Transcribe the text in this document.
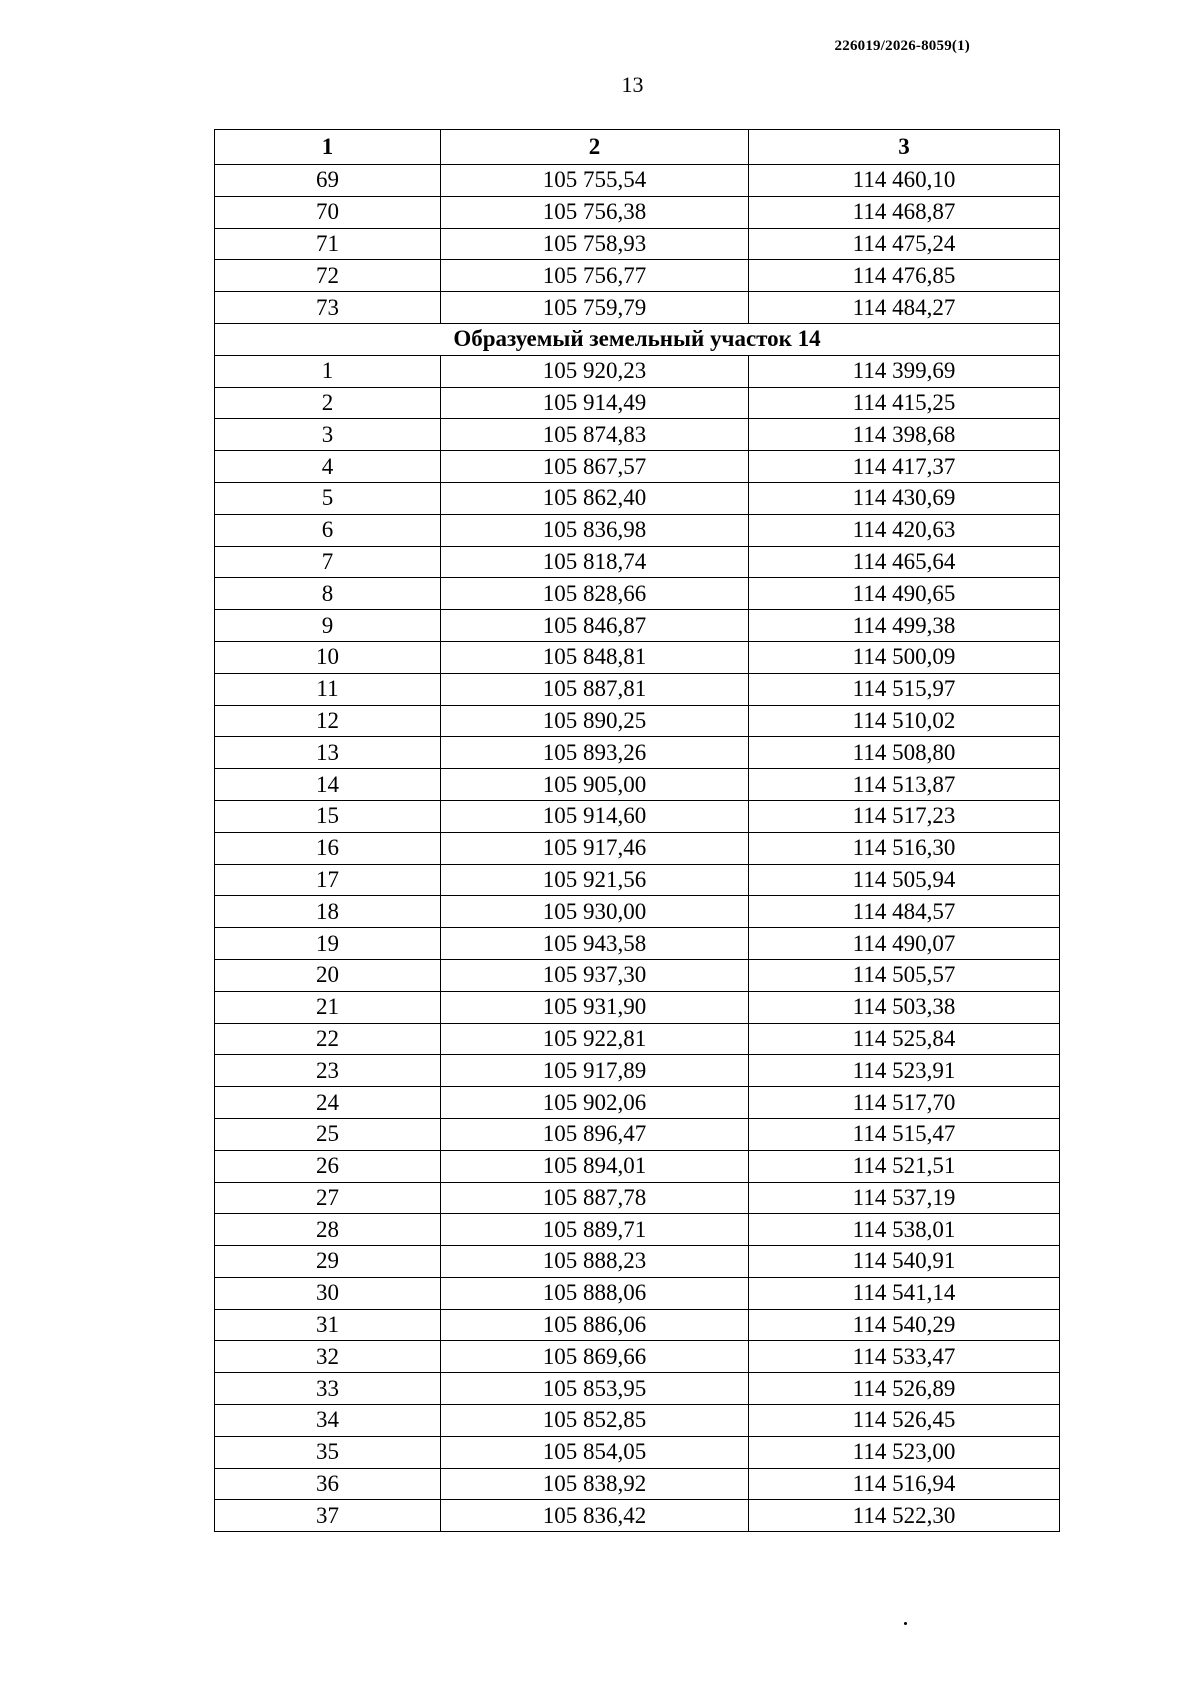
226019/2026-8059(1)
13
1	2	3
69	105 755,54	114 460,10
70	105 756,38	114 468,87
71	105 758,93	114 475,24
72	105 756,77	114 476,85
73	105 759,79	114 484,27
Образуемый земельный участок 14		
1	105 920,23	114 399,69
2	105 914,49	114 415,25
3	105 874,83	114 398,68
4	105 867,57	114 417,37
5	105 862,40	114 430,69
6	105 836,98	114 420,63
7	105 818,74	114 465,64
8	105 828,66	114 490,65
9	105 846,87	114 499,38
10	105 848,81	114 500,09
11	105 887,81	114 515,97
12	105 890,25	114 510,02
13	105 893,26	114 508,80
14	105 905,00	114 513,87
15	105 914,60	114 517,23
16	105 917,46	114 516,30
17	105 921,56	114 505,94
18	105 930,00	114 484,57
19	105 943,58	114 490,07
20	105 937,30	114 505,57
21	105 931,90	114 503,38
22	105 922,81	114 525,84
23	105 917,89	114 523,91
24	105 902,06	114 517,70
25	105 896,47	114 515,47
26	105 894,01	114 521,51
27	105 887,78	114 537,19
28	105 889,71	114 538,01
29	105 888,23	114 540,91
30	105 888,06	114 541,14
31	105 886,06	114 540,29
32	105 869,66	114 533,47
33	105 853,95	114 526,89
34	105 852,85	114 526,45
35	105 854,05	114 523,00
36	105 838,92	114 516,94
37	105 836,42	114 522,30
